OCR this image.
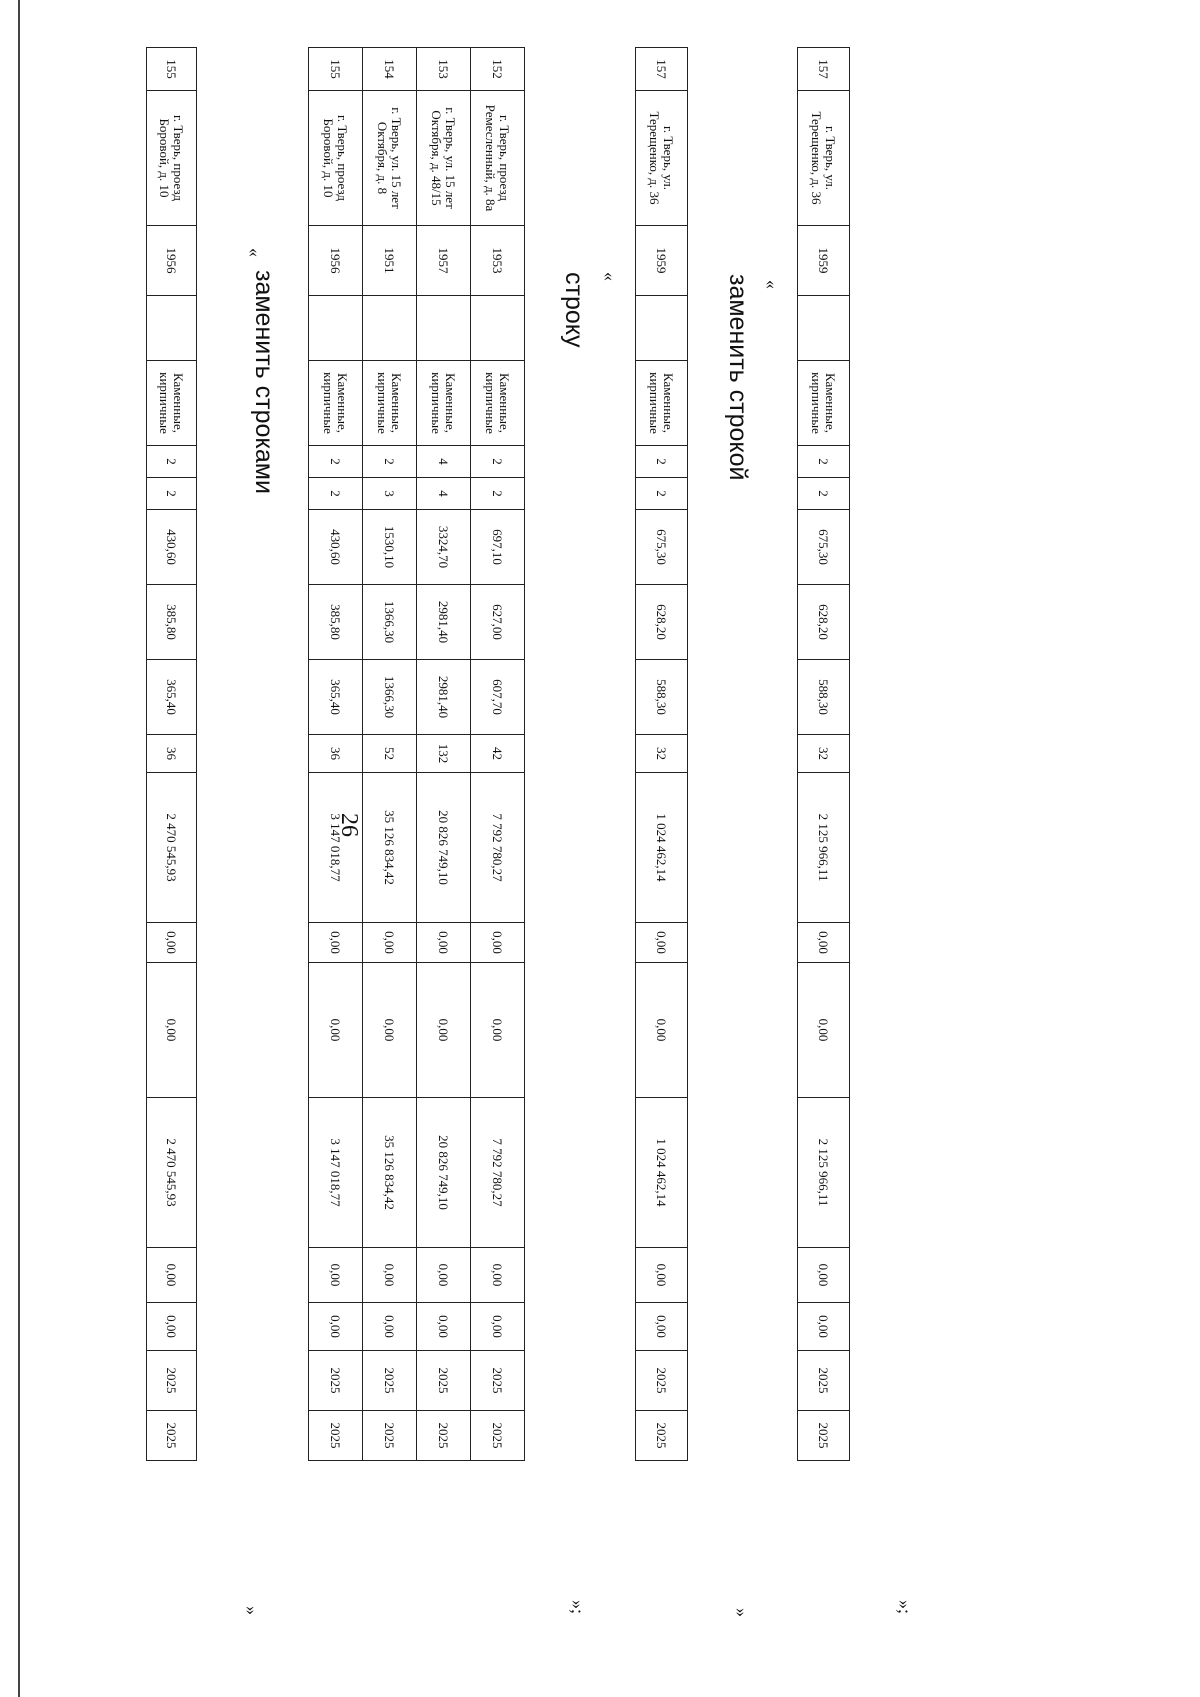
26
155	г. Тверь, проезд Боровой, д. 10	1956		Каменные, кирпичные	2	2	430,60	385,80	365,40	36	2 470 545,93	0,00	0,00	2 470 545,93	0,00	0,00	2025	2025
»
«
заменить строками
152	г. Тверь, проезд Ремесленный, д. 8а	1953		Каменные, кирпичные	2	2	697,10	627,00	607,70	42	7 792 780,27	0,00	0,00	7 792 780,27	0,00	0,00	2025	2025
153	г. Тверь, ул. 15 лет Октября, д. 48/15	1957		Каменные, кирпичные	4	4	3324,70	2981,40	2981,40	132	20 826 749,10	0,00	0,00	20 826 749,10	0,00	0,00	2025	2025
154	г. Тверь, ул. 15 лет Октября, д. 8	1951		Каменные, кирпичные	2	3	1530,10	1366,30	1366,30	52	35 126 834,42	0,00	0,00	35 126 834,42	0,00	0,00	2025	2025
155	г. Тверь, проезд Боровой, д. 10	1956		Каменные, кирпичные	2	2	430,60	385,80	365,40	36	3 147 018,77	0,00	0,00	3 147 018,77	0,00	0,00	2025	2025
»;
строку «
157	г. Тверь, ул. Терещенко, д. 36	1959		Каменные, кирпичные	2	2	675,30	628,20	588,30	32	1 024 462,14	0,00	0,00	1 024 462,14	0,00	0,00	2025	2025
»
заменить строкой «
157	г. Тверь, ул. Терещенко, д. 36	1959		Каменные, кирпичные	2	2	675,30	628,20	588,30	32	2 125 966,11	0,00	0,00	2 125 966,11	0,00	0,00	2025	2025
»;
